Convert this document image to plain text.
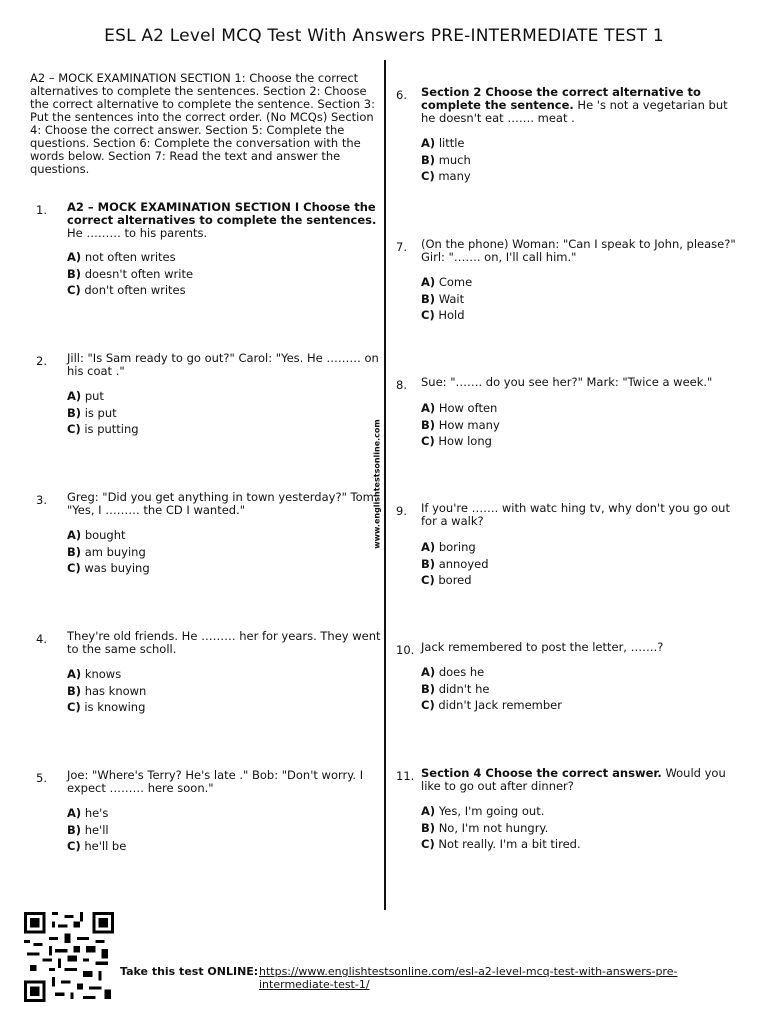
ESL A2 Level MCQ Test With Answers PRE-INTERMEDIATE TEST 1
A2 – MOCK EXAMINATION SECTION 1: Choose the correct alternatives to complete the sentences. Section 2: Choose the correct alternative to complete the sentence. Section 3: Put the sentences into the correct order. (No MCQs) Section 4: Choose the correct answer. Section 5: Complete the questions. Section 6: Complete the conversation with the words below. Section 7: Read the text and answer the questions.
www.englishtestsonline.com
1.	A2 – MOCK EXAMINATION SECTION I Choose the correct alternatives to complete the sentences. He ……… to his parents.
A) not often writes
B) doesn't often write
C) don't often writes
2.	Jill: "Is Sam ready to go out?" Carol: "Yes. He ……… on his coat ."
A) put
B) is put
C) is putting
3.	Greg: "Did you get anything in town yesterday?" Tom: "Yes, I ……… the CD I wanted."
A) bought
B) am buying
C) was buying
4.	They're old friends. He ……… her for years. They went to the same scholl.
A) knows
B) has known
C) is knowing
5.	Joe: "Where's Terry? He's late ." Bob: "Don't worry. I expect ……… here soon."
A) he's
B) he'll
C) he'll be
6.	Section 2 Choose the correct alternative to complete the sentence. He 's not a vegetarian but he doesn't eat ……. meat .
A) little
B) much
C) many
7.	(On the phone) Woman: "Can I speak to John, please?" Girl: "……. on, I'll call him."
A) Come
B) Wait
C) Hold
8.	Sue: "……. do you see her?" Mark: "Twice a week."
A) How often
B) How many
C) How long
9.	If you're ……. with watc hing tv, why don't you go out for a walk?
A) boring
B) annoyed
C) bored
10. Jack remembered to post the letter, …….?
A) does he
B) didn't he
C) didn't Jack remember
11. Section 4 Choose the correct answer. Would you like to go out after dinner?
A) Yes, I'm going out.
B) No, I'm not hungry.
C) Not really. I'm a bit tired.
Take this test ONLINE: https://www.englishtestsonline.com/esl-a2-level-mcq-test-with-answers-pre-intermediate-test-1/
